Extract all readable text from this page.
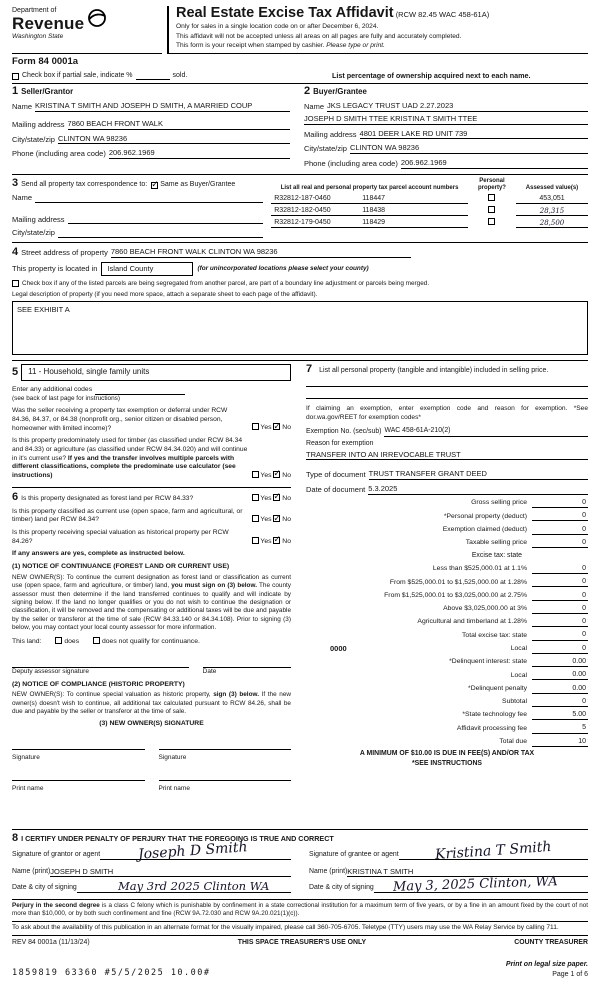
Department of
Revenue
Washington State
Real Estate Excise Tax Affidavit (RCW 82.45 WAC 458-61A)
Only for sales in a single location code on or after December 6, 2024.
This affidavit will not be accepted unless all areas on all pages are fully and accurately completed.
This form is your receipt when stamped by cashier. Please type or print.
Form 84 0001a
Check box if partial sale, indicate %	sold.	List percentage of ownership acquired next to each name.
1 Seller/Grantor
Name KRISTINA T SMITH AND JOSEPH D SMITH, A MARRIED COUP
Mailing address 7860 BEACH FRONT WALK
City/state/zip CLINTON WA 98236
Phone (including area code) 206.962.1969
2 Buyer/Grantee
Name JKS LEGACY TRUST UAD 2.27.2023
JOSEPH D SMITH TTEE KRISTINA T SMITH TTEE
Mailing address 4801 DEER LAKE RD UNIT 739
City/state/zip CLINTON WA 98236
Phone (including area code) 206.962.1969
3 Send all property tax correspondence to: ✓ Same as Buyer/Grantee
Name
Mailing address
City/state/zip
List all real and personal property tax parcel account numbers		Personal property?	Assessed value(s)
R32812-187-0460	118447		453,051
R32812-182-0450	118438		28,315
R32812-179-0450	118429		28,500
4 Street address of property 7860 BEACH FRONT WALK CLINTON WA 98236
This property is located in	Island County	(for unincorporated locations please select your county)
Check box if any of the listed parcels are being segregated from another parcel, are part of a boundary line adjustment or parcels being merged.
Legal description of property (if you need more space, attach a separate sheet to each page of the affidavit).
SEE EXHIBIT A
5	11 - Household, single family units
Enter any additional codes
(see back of last page for instructions)
Was the seller receiving a property tax exemption or deferral under RCW 84.36, 84.37, or 84.38 (nonprofit org., senior citizen or disabled person, homeowner with limited income)?	Yes ✓ No
Is this property predominately used for timber (as classified under RCW 84.34 and 84.33) or agriculture (as classified under RCW 84.34.020) and will continue in it's current use? If yes and the transfer involves multiple parcels with different classifications, complete the predominate use calculator (see instructions)	Yes ✓ No
6 Is this property designated as forest land per RCW 84.33?	Yes ✓ No
Is this property classified as current use (open space, farm and agricultural, or timber) land per RCW 84.34?	Yes ✓ No
Is this property receiving special valuation as historical property per RCW 84.26?	Yes ✓ No
If any answers are yes, complete as instructed below.
(1) NOTICE OF CONTINUANCE (FOREST LAND OR CURRENT USE)
NEW OWNER(S): To continue the current designation as forest land or classification as current use (open space, farm and agriculture, or timber) land, you must sign on (3) below. The county assessor must then determine if the land transferred continues to qualify and will indicate by signing below. If the land no longer qualifies or you do not wish to continue the designation or classification, it will be removed and the compensating or additional taxes will be due and payable by the seller or transferor at the time of sale (RCW 84.33.140 or 84.34.108). Prior to signing (3) below, you may contact your local county assessor for more information.
This land:	does	does not qualify for continuance.
Deputy assessor signature	Date
(2) NOTICE OF COMPLIANCE (HISTORIC PROPERTY)
NEW OWNER(S): To continue special valuation as historic property, sign (3) below. If the new owner(s) doesn't wish to continue, all additional tax calculated pursuant to RCW 84.26, shall be due and payable by the seller or transferor at the time of sale.
(3) NEW OWNER(S) SIGNATURE
Signature	Signature
Print name	Print name
7 List all personal property (tangible and intangible) included in selling price.
If claiming an exemption, enter exemption code and reason for exemption. *See dor.wa.gov/REET for exemption codes*
Exemption No. (sec/sub) WAC 458-61A-210(2)
Reason for exemption
TRANSFER INTO AN IRREVOCABLE TRUST
Type of document TRUST TRANSFER GRANT DEED
Date of document 5.3.2025
Gross selling price	0
*Personal property (deduct)	0
Exemption claimed (deduct)	0
Taxable selling price	0
Excise tax: state
Less than $525,000.01 at 1.1%	0
From $525,000.01 to $1,525,000.00 at 1.28%	0
From $1,525,000.01 to $3,025,000.00 at 2.75%	0
Above $3,025,000.00 at 3%	0
Agricultural and timberland at 1.28%	0
Total excise tax: state	0
0000	Local	0
*Delinquent interest: state	0.00
Local	0.00
*Delinquent penalty	0.00
Subtotal	0
*State technology fee	5.00
Affidavit processing fee	5
Total due	10
A MINIMUM OF $10.00 IS DUE IN FEE(S) AND/OR TAX
*SEE INSTRUCTIONS
8 I CERTIFY UNDER PENALTY OF PERJURY THAT THE FOREGOING IS TRUE AND CORRECT
Signature of grantor or agent	Joseph D Smith
Name (print) JOSEPH D SMITH
Date & city of signing	May 3rd 2025 Clinton WA
Signature of grantee or agent	Kristina T Smith
Name (print) KRISTINA T SMITH
Date & city of signing May 3, 2025 Clinton, WA
Perjury in the second degree is a class C felony which is punishable by confinement in a state correctional institution for a maximum term of five years, or by a fine in an amount fixed by the court of not more than $10,000, or by both such confinement and fine (RCW 9A.72.030 and RCW 9A.20.021(1)(c)).
To ask about the availability of this publication in an alternate format for the visually impaired, please call 360-705-6705. Teletype (TTY) users may use the WA Relay Service by calling 711.
REV 84 0001a (11/13/24)	THIS SPACE TREASURER'S USE ONLY	COUNTY TREASURER
1859819 63360 #5/5/2025 10.00#
Print on legal size paper.
Page 1 of 6
